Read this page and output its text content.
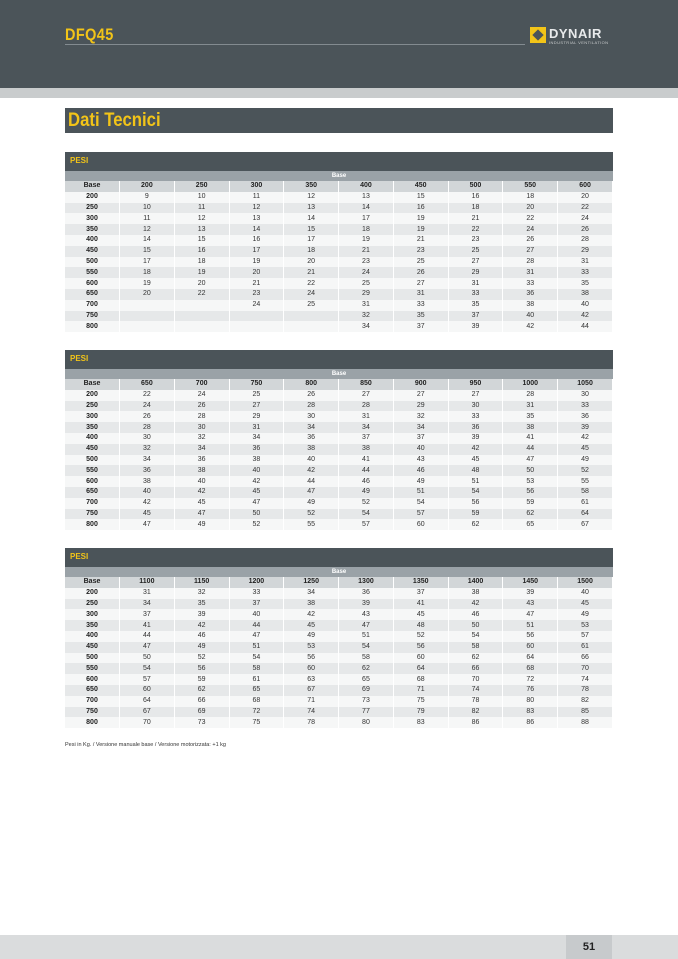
DFQ45	DYNAIR
INDUSTRIAL VENTILATION
Dati Tecnici
PESI
Base
Base	200	250	300	350	400	450	500	550	600
200	9	10	11	12	13	15	16	18	20
250	10	11	12	13	14	16	18	20	22
300	11	12	13	14	17	19	21	22	24
350	12	13	14	15	18	19	22	24	26
400	14	15	16	17	19	21	23	26	28
450	15	16	17	18	21	23	25	27	29
500	17	18	19	20	23	25	27	28	31
550	18	19	20	21	24	26	29	31	33
600	19	20	21	22	25	27	31	33	35
650	20	22	23	24	29	31	33	36	38
700			24	25	31	33	35	38	40
750					32	35	37	40	42
800					34	37	39	42	44
PESI
Base
Base	650	700	750	800	850	900	950	1000	1050
200	22	24	25	26	27	27	27	28	30
250	24	26	27	28	28	29	30	31	33
300	26	28	29	30	31	32	33	35	36
350	28	30	31	34	34	34	36	38	39
400	30	32	34	36	37	37	39	41	42
450	32	34	36	38	38	40	42	44	45
500	34	36	38	40	41	43	45	47	49
550	36	38	40	42	44	46	48	50	52
600	38	40	42	44	46	49	51	53	55
650	40	42	45	47	49	51	54	56	58
700	42	45	47	49	52	54	56	59	61
750	45	47	50	52	54	57	59	62	64
800	47	49	52	55	57	60	62	65	67
PESI
Base
Base	1100	1150	1200	1250	1300	1350	1400	1450	1500
200	31	32	33	34	36	37	38	39	40
250	34	35	37	38	39	41	42	43	45
300	37	39	40	42	43	45	46	47	49
350	41	42	44	45	47	48	50	51	53
400	44	46	47	49	51	52	54	56	57
450	47	49	51	53	54	56	58	60	61
500	50	52	54	56	58	60	62	64	66
550	54	56	58	60	62	64	66	68	70
600	57	59	61	63	65	68	70	72	74
650	60	62	65	67	69	71	74	76	78
700	64	66	68	71	73	75	78	80	82
750	67	69	72	74	77	79	82	83	85
800	70	73	75	78	80	83	86	86	88
Pesi in Kg. / Versione manuale base / Versione motorizzata: +1 kg
51
